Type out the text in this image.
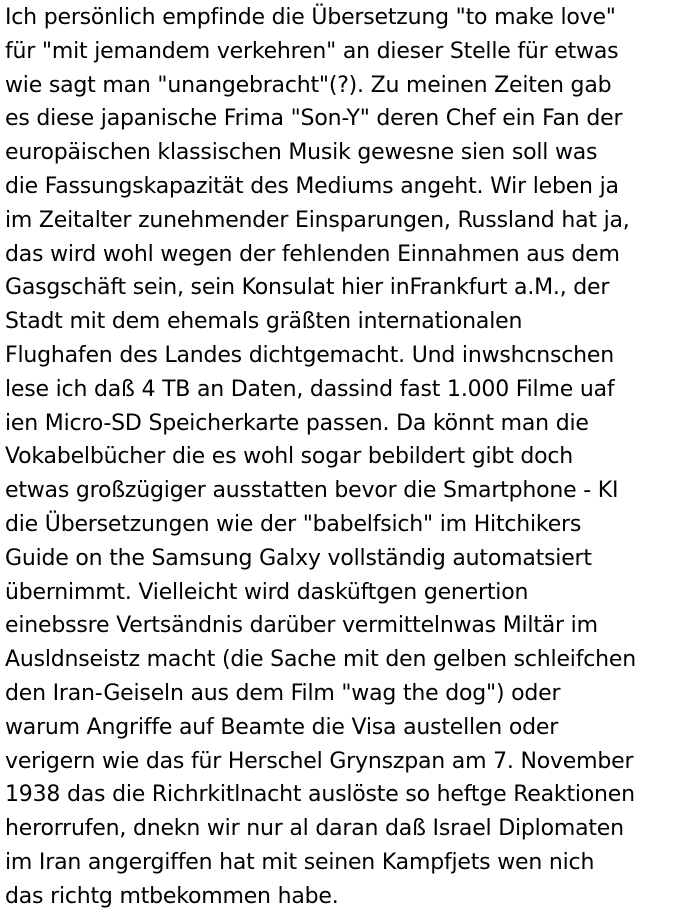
Ich persönlich empfinde die Übersetzung "to make love"
für "mit jemandem verkehren" an dieser Stelle für etwas
wie sagt man "unangebracht"(?). Zu meinen Zeiten gab
es diese japanische Frima "Son-Y" deren Chef ein Fan der
europäischen klassischen Musik gewesne sien soll was
die Fassungskapazität des Mediums angeht. Wir leben ja
im Zeitalter zunehmender Einsparungen, Russland hat ja,
das wird wohl wegen der fehlenden Einnahmen aus dem
Gasgschäft sein, sein Konsulat hier inFrankfurt a.M., der
Stadt mit dem ehemals gräßten internationalen
Flughafen des Landes dichtgemacht. Und inwshcnschen
lese ich daß 4 TB an Daten, dassind fast 1.000 Filme uaf
ien Micro-SD Speicherkarte passen. Da könnt man die
Vokabelbücher die es wohl sogar bebildert gibt doch
etwas großzügiger ausstatten bevor die Smartphone - KI
die Übersetzungen wie der "babelfsich" im Hitchikers
Guide on the Samsung Galxy vollständig automatsiert
übernimmt. Vielleicht wird dasküftgen genertion
einebssre Vertsändnis darüber vermittelnwas Miltär im
Ausldnseistz macht (die Sache mit den gelben schleifchen
den Iran-Geiseln aus dem Film "wag the dog") oder
warum Angriffe auf Beamte die Visa austellen oder
verigern wie das für Herschel Grynszpan am 7. November
1938 das die Richrkitlnacht auslöste so heftge Reaktionen
herorrufen, dnekn wir nur al daran daß Israel Diplomaten
im Iran angergiffen hat mit seinen Kampfjets wen nich
das richtg mtbekommen habe.
